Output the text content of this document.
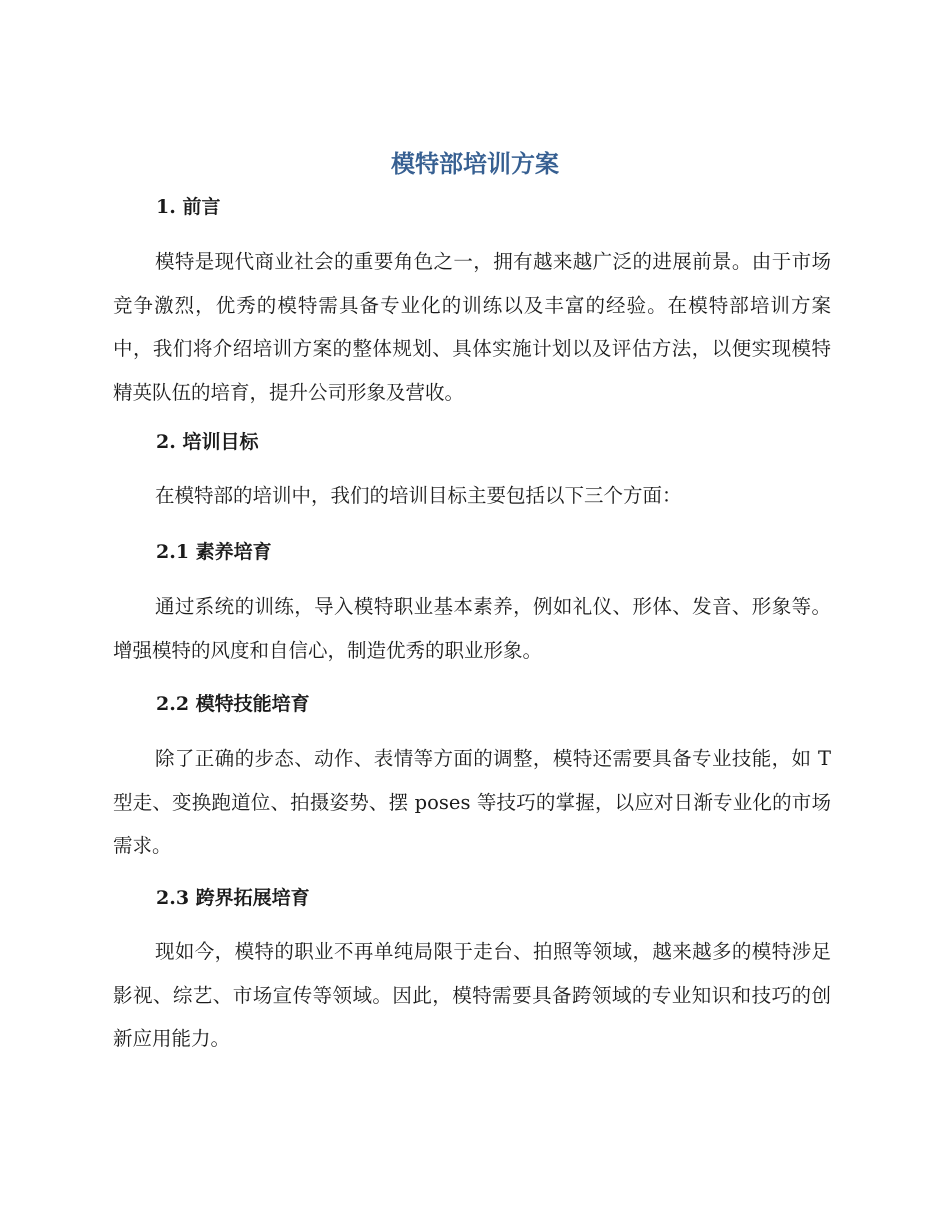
模特部培训方案
1. 前言

模特是现代商业社会的重要角色之一，拥有越来越广泛的进展前景。由于市场竞争激烈，优秀的模特需具备专业化的训练以及丰富的经验。在模特部培训方案中，我们将介绍培训方案的整体规划、具体实施计划以及评估方法，以便实现模特精英队伍的培育，提升公司形象及营收。

2. 培训目标

在模特部的培训中，我们的培训目标主要包括以下三个方面：

2.1 素养培育

通过系统的训练，导入模特职业基本素养，例如礼仪、形体、发音、形象等。增强模特的风度和自信心，制造优秀的职业形象。

2.2 模特技能培育

除了正确的步态、动作、表情等方面的调整，模特还需要具备专业技能，如 T 型走、变换跑道位、拍摄姿势、摆 poses 等技巧的掌握，以应对日渐专业化的市场需求。

2.3 跨界拓展培育

现如今，模特的职业不再单纯局限于走台、拍照等领域，越来越多的模特涉足影视、综艺、市场宣传等领域。因此，模特需要具备跨领域的专业知识和技巧的创新应用能力。
